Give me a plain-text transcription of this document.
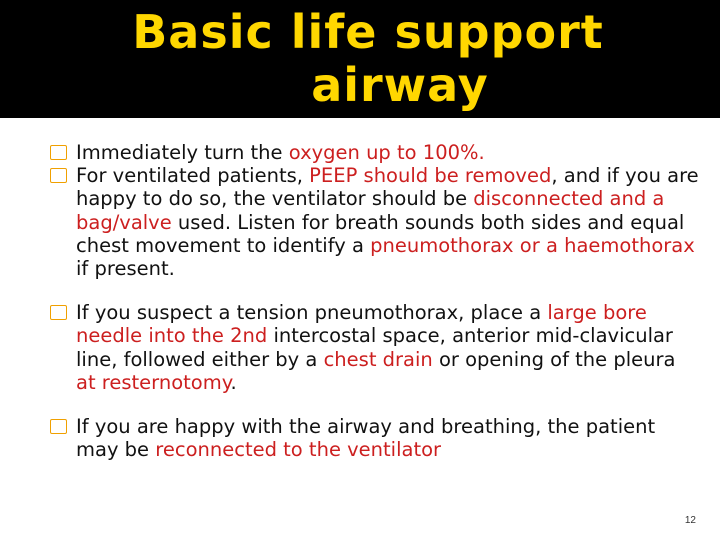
Basic life support
airway
Immediately turn the oxygen up to 100%.
For ventilated patients, PEEP should be removed, and if you are happy to do so, the ventilator should be disconnected and a bag/valve used. Listen for breath sounds both sides and equal chest movement to identify a pneumothorax or a haemothorax if present.
If you suspect a tension pneumothorax, place a large bore needle into the 2nd intercostal space, anterior mid-clavicular line, followed either by a chest drain or opening of the pleura at resternotomy.
If you are happy with the airway and breathing, the patient may be reconnected to the ventilator
12
